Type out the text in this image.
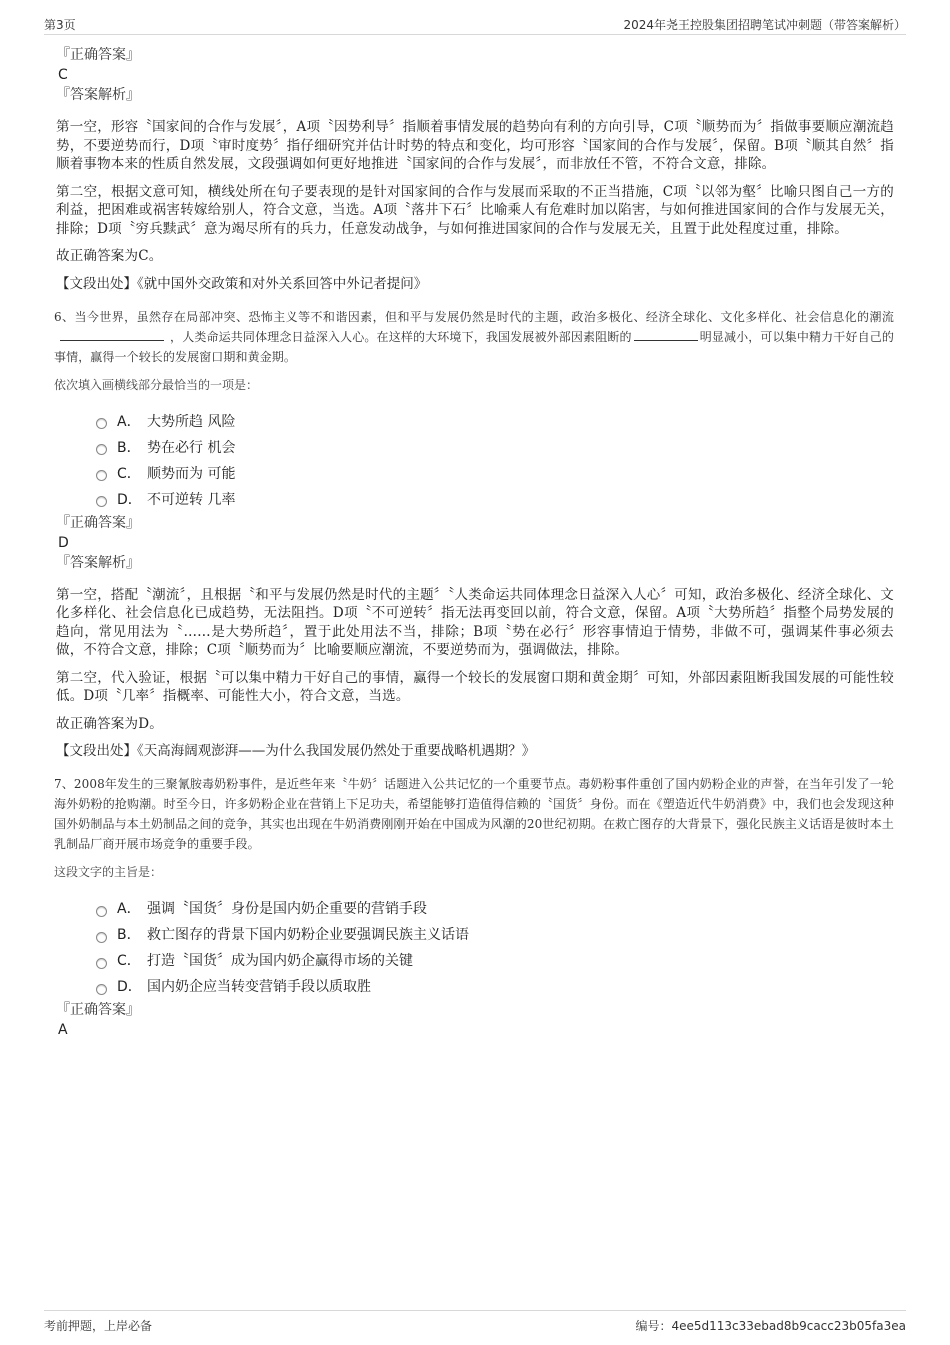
第3页	2024年尧王控股集团招聘笔试冲刺题（带答案解析）
『正确答案』
C
『答案解析』

第一空，形容〝国家间的合作与发展〞，A项〝因势利导〞指顺着事情发展的趋势向有利的方向引导，C项〝顺势而为〞指做事要顺应潮流趋势，不要逆势而行，D项〝审时度势〞指仔细研究并估计时势的特点和变化，均可形容〝国家间的合作与发展〞，保留。B项〝顺其自然〞指顺着事物本来的性质自然发展，文段强调如何更好地推进〝国家间的合作与发展〞，而非放任不管，不符合文意，排除。

第二空，根据文意可知，横线处所在句子要表现的是针对国家间的合作与发展而采取的不正当措施，C项〝以邻为壑〞比喻只图自己一方的利益，把困难或祸害转嫁给别人，符合文意，当选。A项〝落井下石〞比喻乘人有危难时加以陷害，与如何推进国家间的合作与发展无关，排除；D项〝穷兵黩武〞意为竭尽所有的兵力，任意发动战争，与如何推进国家间的合作与发展无关，且置于此处程度过重，排除。

故正确答案为C。

【文段出处】《就中国外交政策和对外关系回答中外记者提问》

6、当今世界，虽然存在局部冲突、恐怖主义等不和谐因素，但和平与发展仍然是时代的主题，政治多极化、经济全球化、文化多样化、社会信息化的潮流，人类命运共同体理念日益深入人心。在这样的大环境下，我国发展被外部因素阻断的	明显减小，可以集中精力干好自己的事情，赢得一个较长的发展窗口期和黄金期。

依次填入画横线部分最恰当的一项是：

A． 大势所趋 风险
B． 势在必行 机会
C． 顺势而为 可能
D． 不可逆转 几率
『正确答案』
D
『答案解析』

第一空，搭配〝潮流〞，且根据〝和平与发展仍然是时代的主题〞〝人类命运共同体理念日益深入人心〞可知，政治多极化、经济全球化、文化多样化、社会信息化已成趋势，无法阻挡。D项〝不可逆转〞指无法再变回以前，符合文意，保留。A项〝大势所趋〞指整个局势发展的趋向，常见用法为〝……是大势所趋〞，置于此处用法不当，排除；B项〝势在必行〞形容事情迫于情势，非做不可，强调某件事必须去做，不符合文意，排除；C项〝顺势而为〞比喻要顺应潮流，不要逆势而为，强调做法，排除。

第二空，代入验证，根据〝可以集中精力干好自己的事情，赢得一个较长的发展窗口期和黄金期〞可知，外部因素阻断我国发展的可能性较低。D项〝几率〞指概率、可能性大小，符合文意，当选。

故正确答案为D。

【文段出处】《天高海阔观澎湃——为什么我国发展仍然处于重要战略机遇期？》

7、2008年发生的三聚氰胺毒奶粉事件，是近些年来〝牛奶〞话题进入公共记忆的一个重要节点。毒奶粉事件重创了国内奶粉企业的声誉，在当年引发了一轮海外奶粉的抢购潮。时至今日，许多奶粉企业在营销上下足功夫，希望能够打造值得信赖的〝国货〞身份。而在《塑造近代牛奶消费》中，我们也会发现这种国外奶制品与本土奶制品之间的竞争，其实也出现在牛奶消费刚刚开始在中国成为风潮的20世纪初期。在救亡图存的大背景下，强化民族主义话语是彼时本土乳制品厂商开展市场竞争的重要手段。

这段文字的主旨是：

A． 强调〝国货〞身份是国内奶企重要的营销手段
B． 救亡图存的背景下国内奶粉企业要强调民族主义话语
C． 打造〝国货〞成为国内奶企赢得市场的关键
D． 国内奶企应当转变营销手段以质取胜
『正确答案』
A
考前押题，上岸必备	编号：4ee5d113c33ebad8b9cacc23b05fa3ea
